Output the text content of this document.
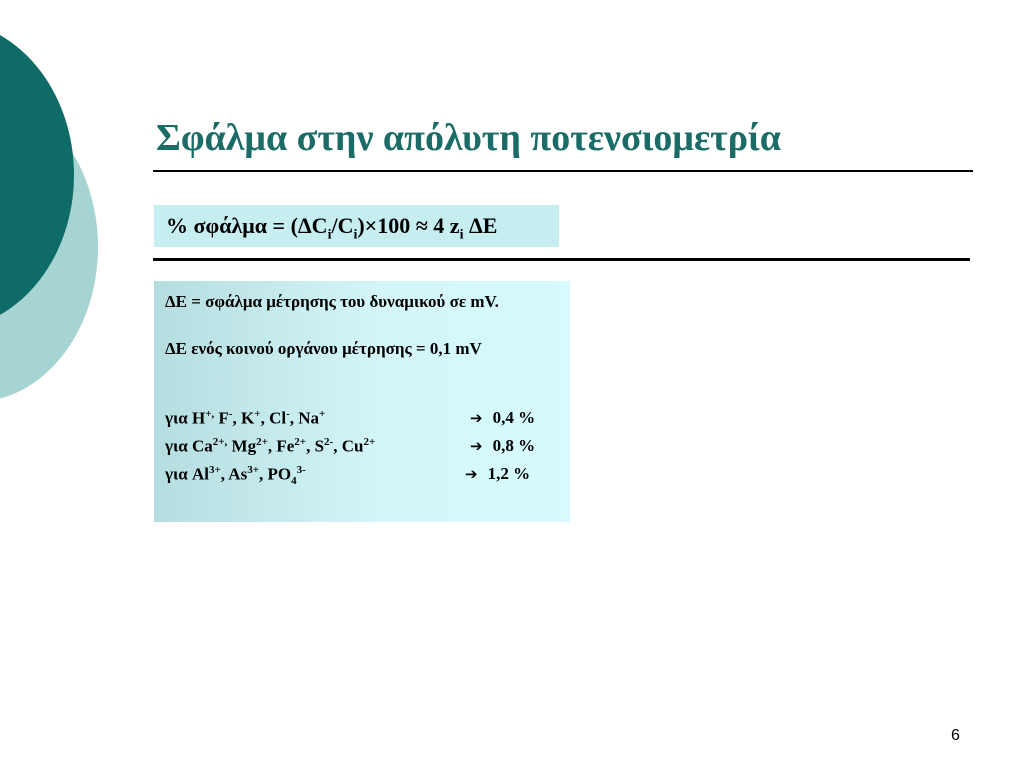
Σφάλμα στην απόλυτη ποτενσιομετρία
% $\sigma\varphi ά\lambda\mu\alpha = (\Delta C_i/C_i)\times 100 \approx 4$ $z_i$ ΔE
ΔE = σφάλμα μέτρησης του δυναμικού σε mV.
ΔE ενός κοινού οργάνου μέτρησης = 0,1 mV
για H+, F-, K+, Cl-, Na+	➔ 0,4 %
για $Ca^{2+,}$ $Mg^{2+}$, $Fe^{2+}$, $S^{2-}$, $Cu^{2+}$	➔ 0,8 %
για $Al^{3+}$, $As^{3+}$, $PO_4^{3-}$	➔ 1,2 %
6
